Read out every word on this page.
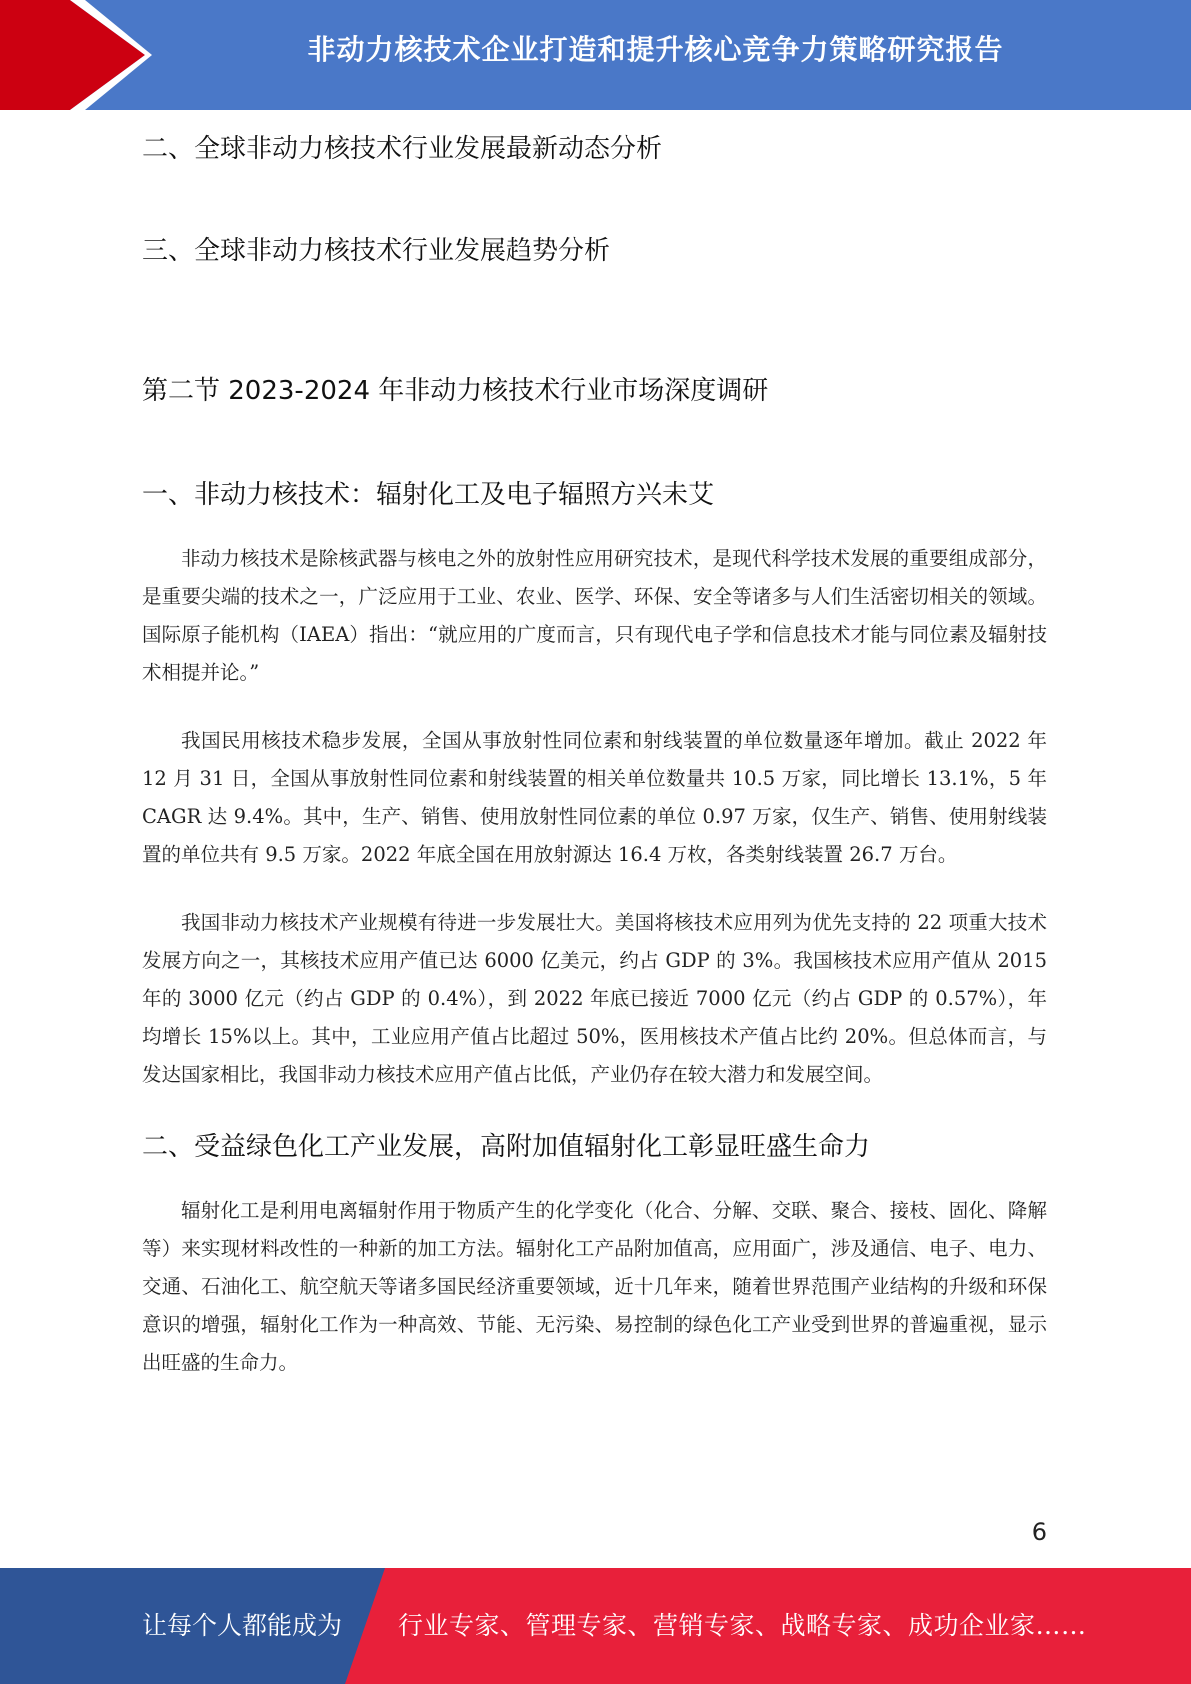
非动力核技术企业打造和提升核心竞争力策略研究报告
二、全球非动力核技术行业发展最新动态分析
三、全球非动力核技术行业发展趋势分析
第二节 2023-2024 年非动力核技术行业市场深度调研
一、非动力核技术：辐射化工及电子辐照方兴未艾

非动力核技术是除核武器与核电之外的放射性应用研究技术，是现代科学技术发展的重要组成部分，是重要尖端的技术之一，广泛应用于工业、农业、医学、环保、安全等诸多与人们生活密切相关的领域。国际原子能机构（IAEA）指出：“就应用的广度而言，只有现代电子学和信息技术才能与同位素及辐射技术相提并论。”

我国民用核技术稳步发展，全国从事放射性同位素和射线装置的单位数量逐年增加。截止 2022 年 12 月 31 日，全国从事放射性同位素和射线装置的相关单位数量共 10.5 万家，同比增长 13.1%，5 年 CAGR 达 9.4%。其中，生产、销售、使用放射性同位素的单位 0.97 万家，仅生产、销售、使用射线装置的单位共有 9.5 万家。2022 年底全国在用放射源达 16.4 万枚，各类射线装置 26.7 万台。

我国非动力核技术产业规模有待进一步发展壮大。美国将核技术应用列为优先支持的 22 项重大技术发展方向之一，其核技术应用产值已达 6000 亿美元，约占 GDP 的 3%。我国核技术应用产值从 2015 年的 3000 亿元（约占 GDP 的 0.4%），到 2022 年底已接近 7000 亿元（约占 GDP 的 0.57%），年均增长 15%以上。其中，工业应用产值占比超过 50%，医用核技术产值占比约 20%。但总体而言，与发达国家相比，我国非动力核技术应用产值占比低，产业仍存在较大潜力和发展空间。

二、受益绿色化工产业发展，高附加值辐射化工彰显旺盛生命力

辐射化工是利用电离辐射作用于物质产生的化学变化（化合、分解、交联、聚合、接枝、固化、降解等）来实现材料改性的一种新的加工方法。辐射化工产品附加值高，应用面广，涉及通信、电子、电力、交通、石油化工、航空航天等诸多国民经济重要领域，近十几年来，随着世界范围产业结构的升级和环保意识的增强，辐射化工作为一种高效、节能、无污染、易控制的绿色化工产业受到世界的普遍重视，显示出旺盛的生命力。

6
让每个人都能成为 行业专家、管理专家、营销专家、战略专家、成功企业家……
